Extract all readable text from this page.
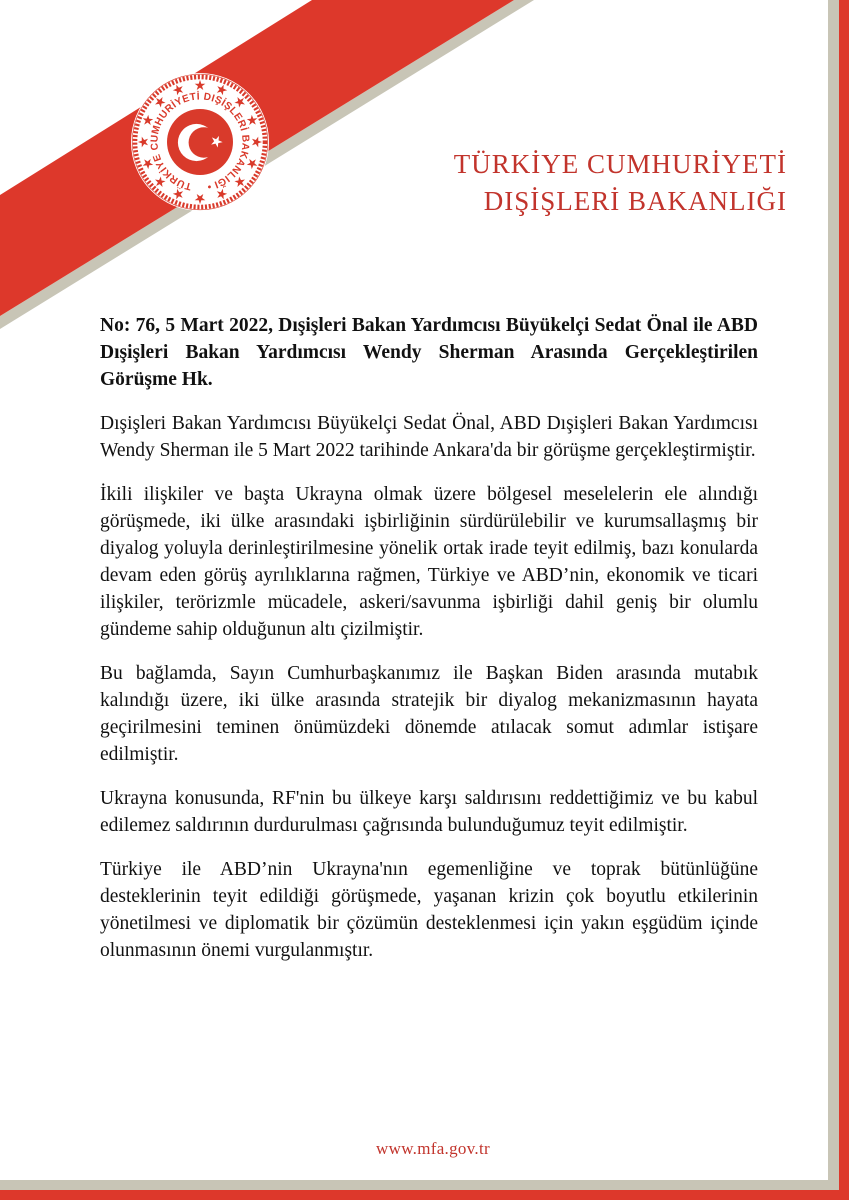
TÜRKİYE CUMHURİYETİ DIŞİŞLERİ BAKANLIĞI •
TÜRKİYE CUMHURİYETİ
DIŞİŞLERİ BAKANLIĞI

No: 76, 5 Mart 2022, Dışişleri Bakan Yardımcısı Büyükelçi Sedat Önal ile ABD Dışişleri Bakan Yardımcısı Wendy Sherman Arasında Gerçekleştirilen Görüşme Hk.

Dışişleri Bakan Yardımcısı Büyükelçi Sedat Önal, ABD Dışişleri Bakan Yardımcısı Wendy Sherman ile 5 Mart 2022 tarihinde Ankara'da bir görüşme gerçekleştirmiştir.

İkili ilişkiler ve başta Ukrayna olmak üzere bölgesel meselelerin ele alındığı görüşmede, iki ülke arasındaki işbirliğinin sürdürülebilir ve kurumsallaşmış bir diyalog yoluyla derinleştirilmesine yönelik ortak irade teyit edilmiş, bazı konularda devam eden görüş ayrılıklarına rağmen, Türkiye ve ABD’nin, ekonomik ve ticari ilişkiler, terörizmle mücadele, askeri/savunma işbirliği dahil geniş bir olumlu gündeme sahip olduğunun altı çizilmiştir.

Bu bağlamda, Sayın Cumhurbaşkanımız ile Başkan Biden arasında mutabık kalındığı üzere, iki ülke arasında stratejik bir diyalog mekanizmasının hayata geçirilmesini teminen önümüzdeki dönemde atılacak somut adımlar istişare edilmiştir.

Ukrayna konusunda, RF'nin bu ülkeye karşı saldırısını reddettiğimiz ve bu kabul edilemez saldırının durdurulması çağrısında bulunduğumuz teyit edilmiştir.

Türkiye ile ABD’nin Ukrayna'nın egemenliğine ve toprak bütünlüğüne desteklerinin teyit edildiği görüşmede, yaşanan krizin çok boyutlu etkilerinin yönetilmesi ve diplomatik bir çözümün desteklenmesi için yakın eşgüdüm içinde olunmasının önemi vurgulanmıştır.

www.mfa.gov.tr
